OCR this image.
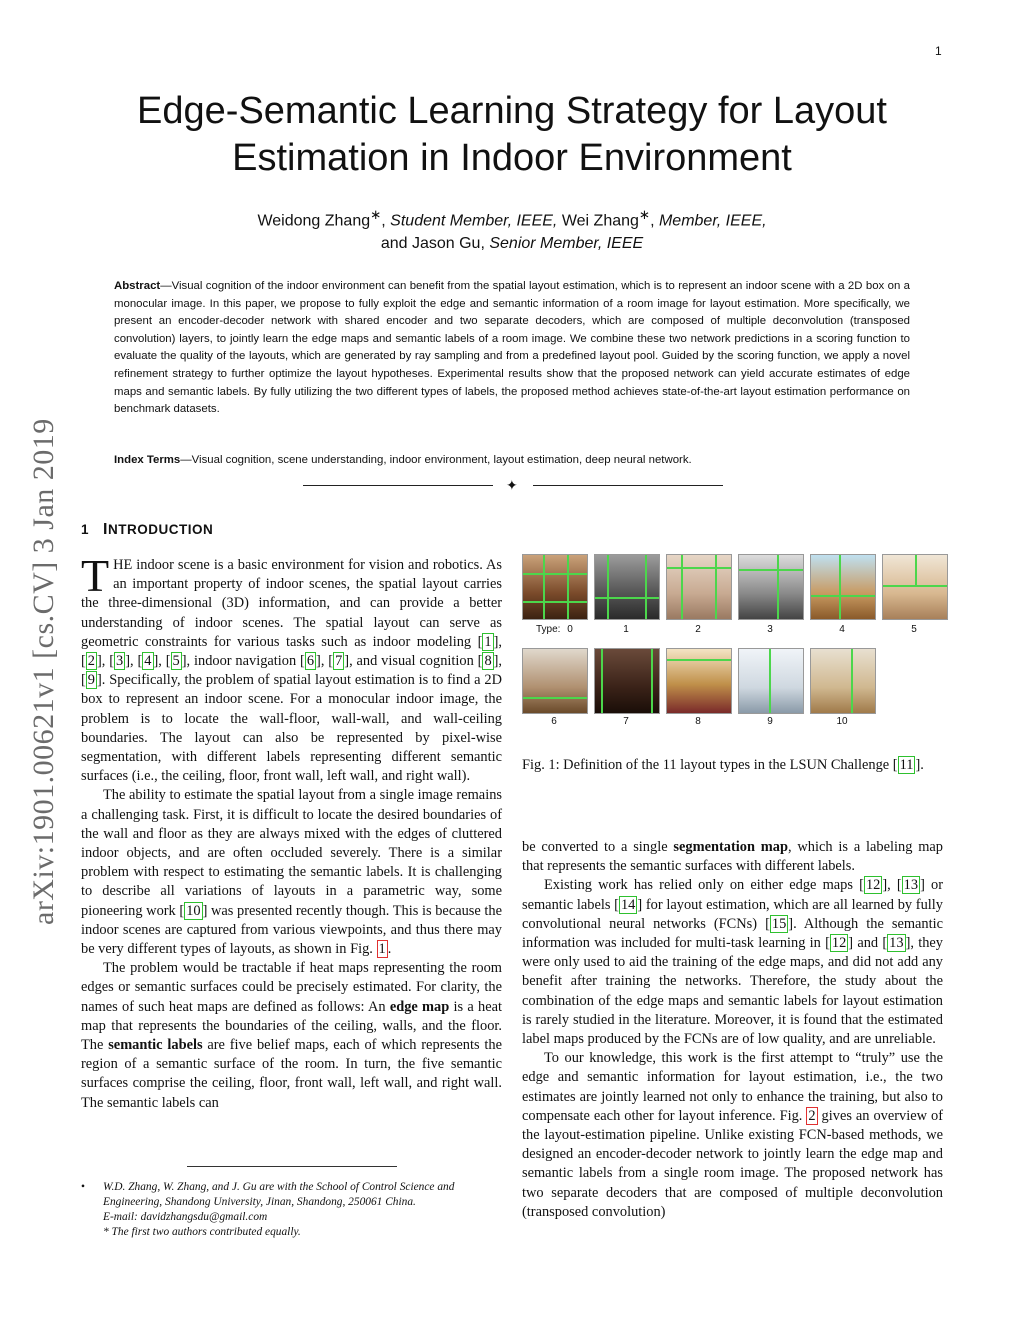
1
arXiv:1901.00621v1 [cs.CV] 3 Jan 2019
Edge-Semantic Learning Strategy for Layout Estimation in Indoor Environment
Weidong Zhang∗, Student Member, IEEE, Wei Zhang∗, Member, IEEE,
and Jason Gu, Senior Member, IEEE
Abstract—Visual cognition of the indoor environment can benefit from the spatial layout estimation, which is to represent an indoor scene with a 2D box on a monocular image. In this paper, we propose to fully exploit the edge and semantic information of a room image for layout estimation. More specifically, we present an encoder-decoder network with shared encoder and two separate decoders, which are composed of multiple deconvolution (transposed convolution) layers, to jointly learn the edge maps and semantic labels of a room image. We combine these two network predictions in a scoring function to evaluate the quality of the layouts, which are generated by ray sampling and from a predefined layout pool. Guided by the scoring function, we apply a novel refinement strategy to further optimize the layout hypotheses. Experimental results show that the proposed network can yield accurate estimates of edge maps and semantic labels. By fully utilizing the two different types of labels, the proposed method achieves state-of-the-art layout estimation performance on benchmark datasets.
Index Terms—Visual cognition, scene understanding, indoor environment, layout estimation, deep neural network.
✦
1 INTRODUCTION

THE indoor scene is a basic environment for vision and robotics. As an important property of indoor scenes, the spatial layout carries the three-dimensional (3D) information, and can provide a better understanding of indoor scenes. The spatial layout can serve as geometric constraints for various tasks such as indoor modeling [ 1 ], [ 2 ], [ 3 ], [ 4 ], [ 5 ], indoor navigation [ 6 ], [ 7 ], and visual cognition [ 8 ], [ 9 ]. Specifically, the problem of spatial layout estimation is to find a 2D box to represent an indoor scene. For a monocular indoor image, the problem is to locate the wall-floor, wall-wall, and wall-ceiling boundaries. The layout can also be represented by pixel-wise segmentation, with different labels representing different semantic surfaces (i.e., the ceiling, floor, front wall, left wall, and right wall).

The ability to estimate the spatial layout from a single image remains a challenging task. First, it is difficult to locate the desired boundaries of the wall and floor as they are always mixed with the edges of cluttered indoor objects, and are often occluded severely. There is a similar problem with respect to estimating the semantic labels. It is challenging to describe all variations of layouts in a parametric way, some pioneering work [ 10 ] was presented recently though. This is because the indoor scenes are captured from various viewpoints, and thus there may be very different types of layouts, as shown in Fig. 1 .

The problem would be tractable if heat maps representing the room edges or semantic surfaces could be precisely estimated. For clarity, the names of such heat maps are defined as follows: An edge map is a heat map that represents the boundaries of the ceiling, walls, and the floor. The semantic labels are five belief maps, each of which represents the region of a semantic surface of the room. In turn, the five semantic surfaces comprise the ceiling, floor, front wall, left wall, and right wall. The semantic labels can

• W.D. Zhang, W. Zhang, and J. Gu are with the School of Control Science and Engineering, Shandong University, Jinan, Shandong, 250061 China.
E-mail: davidzhangsdu@gmail.com
* The first two authors contributed equally.
Type: 0	1	2	3	4	5
6	7	8	9	10
Fig. 1: Definition of the 11 layout types in the LSUN Challenge [ 11 ].

be converted to a single segmentation map, which is a labeling map that represents the semantic surfaces with different labels.

Existing work has relied only on either edge maps [ 12 ], [ 13 ] or semantic labels [ 14 ] for layout estimation, which are all learned by fully convolutional neural networks (FCNs) [ 15 ]. Although the semantic information was included for multi-task learning in [ 12 ] and [ 13 ], they were only used to aid the training of the edge maps, and did not add any benefit after training the networks. Therefore, the study about the combination of the edge maps and semantic labels for layout estimation is rarely studied in the literature. Moreover, it is found that the estimated label maps produced by the FCNs are of low quality, and are unreliable.

To our knowledge, this work is the first attempt to “truly” use the edge and semantic information for layout estimation, i.e., the two estimates are jointly learned not only to enhance the training, but also to compensate each other for layout inference. Fig. 2 gives an overview of the layout-estimation pipeline. Unlike existing FCN-based methods, we designed an encoder-decoder network to jointly learn the edge map and semantic labels from a single room image. The proposed network has two separate decoders that are composed of multiple deconvolution (transposed convolution)
